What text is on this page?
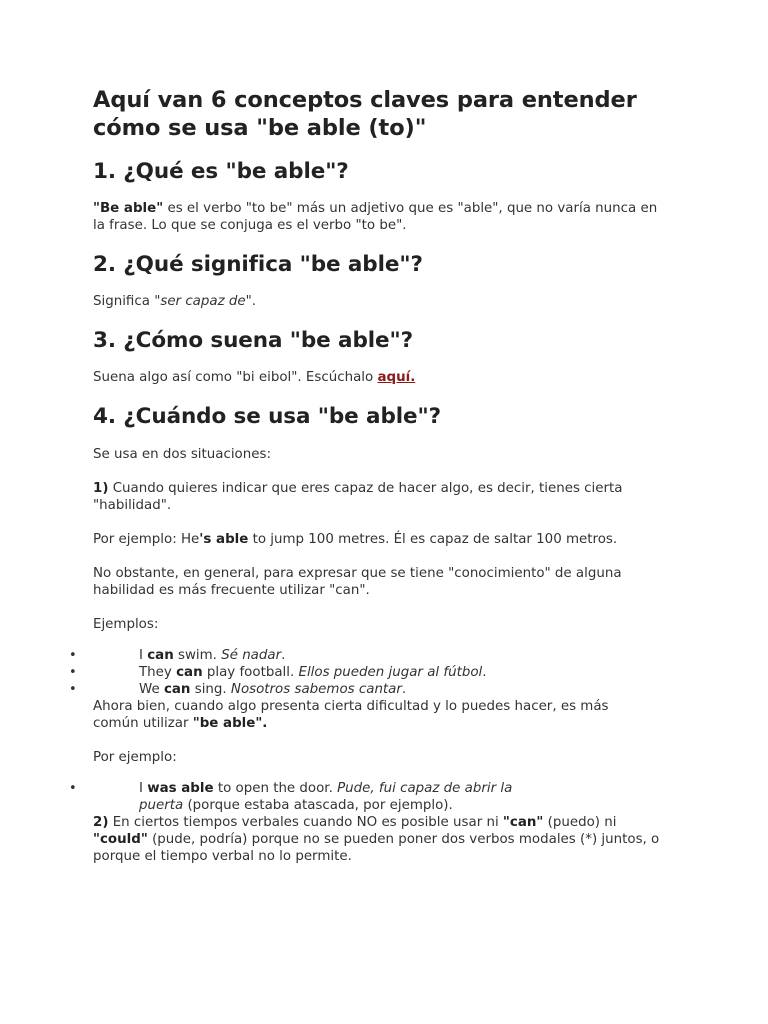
Aquí van 6 conceptos claves para entender cómo se usa "be able (to)"
1. ¿Qué es "be able"?

"Be able" es el verbo "to be" más un adjetivo que es "able", que no varía nunca en la frase. Lo que se conjuga es el verbo "to be".

2. ¿Qué significa "be able"?

Significa "ser capaz de".

3. ¿Cómo suena "be able"?

Suena algo así como "bi eibol". Escúchalo aquí.

4. ¿Cuándo se usa "be able"?

Se usa en dos situaciones:

1) Cuando quieres indicar que eres capaz de hacer algo, es decir, tienes cierta "habilidad".

Por ejemplo: He's able to jump 100 metres. Él es capaz de saltar 100 metros.

No obstante, en general, para expresar que se tiene "conocimiento" de alguna habilidad es más frecuente utilizar "can".

Ejemplos:

•	I can swim. Sé nadar.
•	They can play football. Ellos pueden jugar al fútbol.
•	We can sing. Nosotros sabemos cantar.

Ahora bien, cuando algo presenta cierta dificultad y lo puedes hacer, es más común utilizar "be able".

Por ejemplo:

•	I was able to open the door. Pude, fui capaz de abrir la puerta (porque estaba atascada, por ejemplo).

2) En ciertos tiempos verbales cuando NO es posible usar ni "can" (puedo) ni "could" (pude, podría) porque no se pueden poner dos verbos modales (*) juntos, o porque el tiempo verbal no lo permite.
